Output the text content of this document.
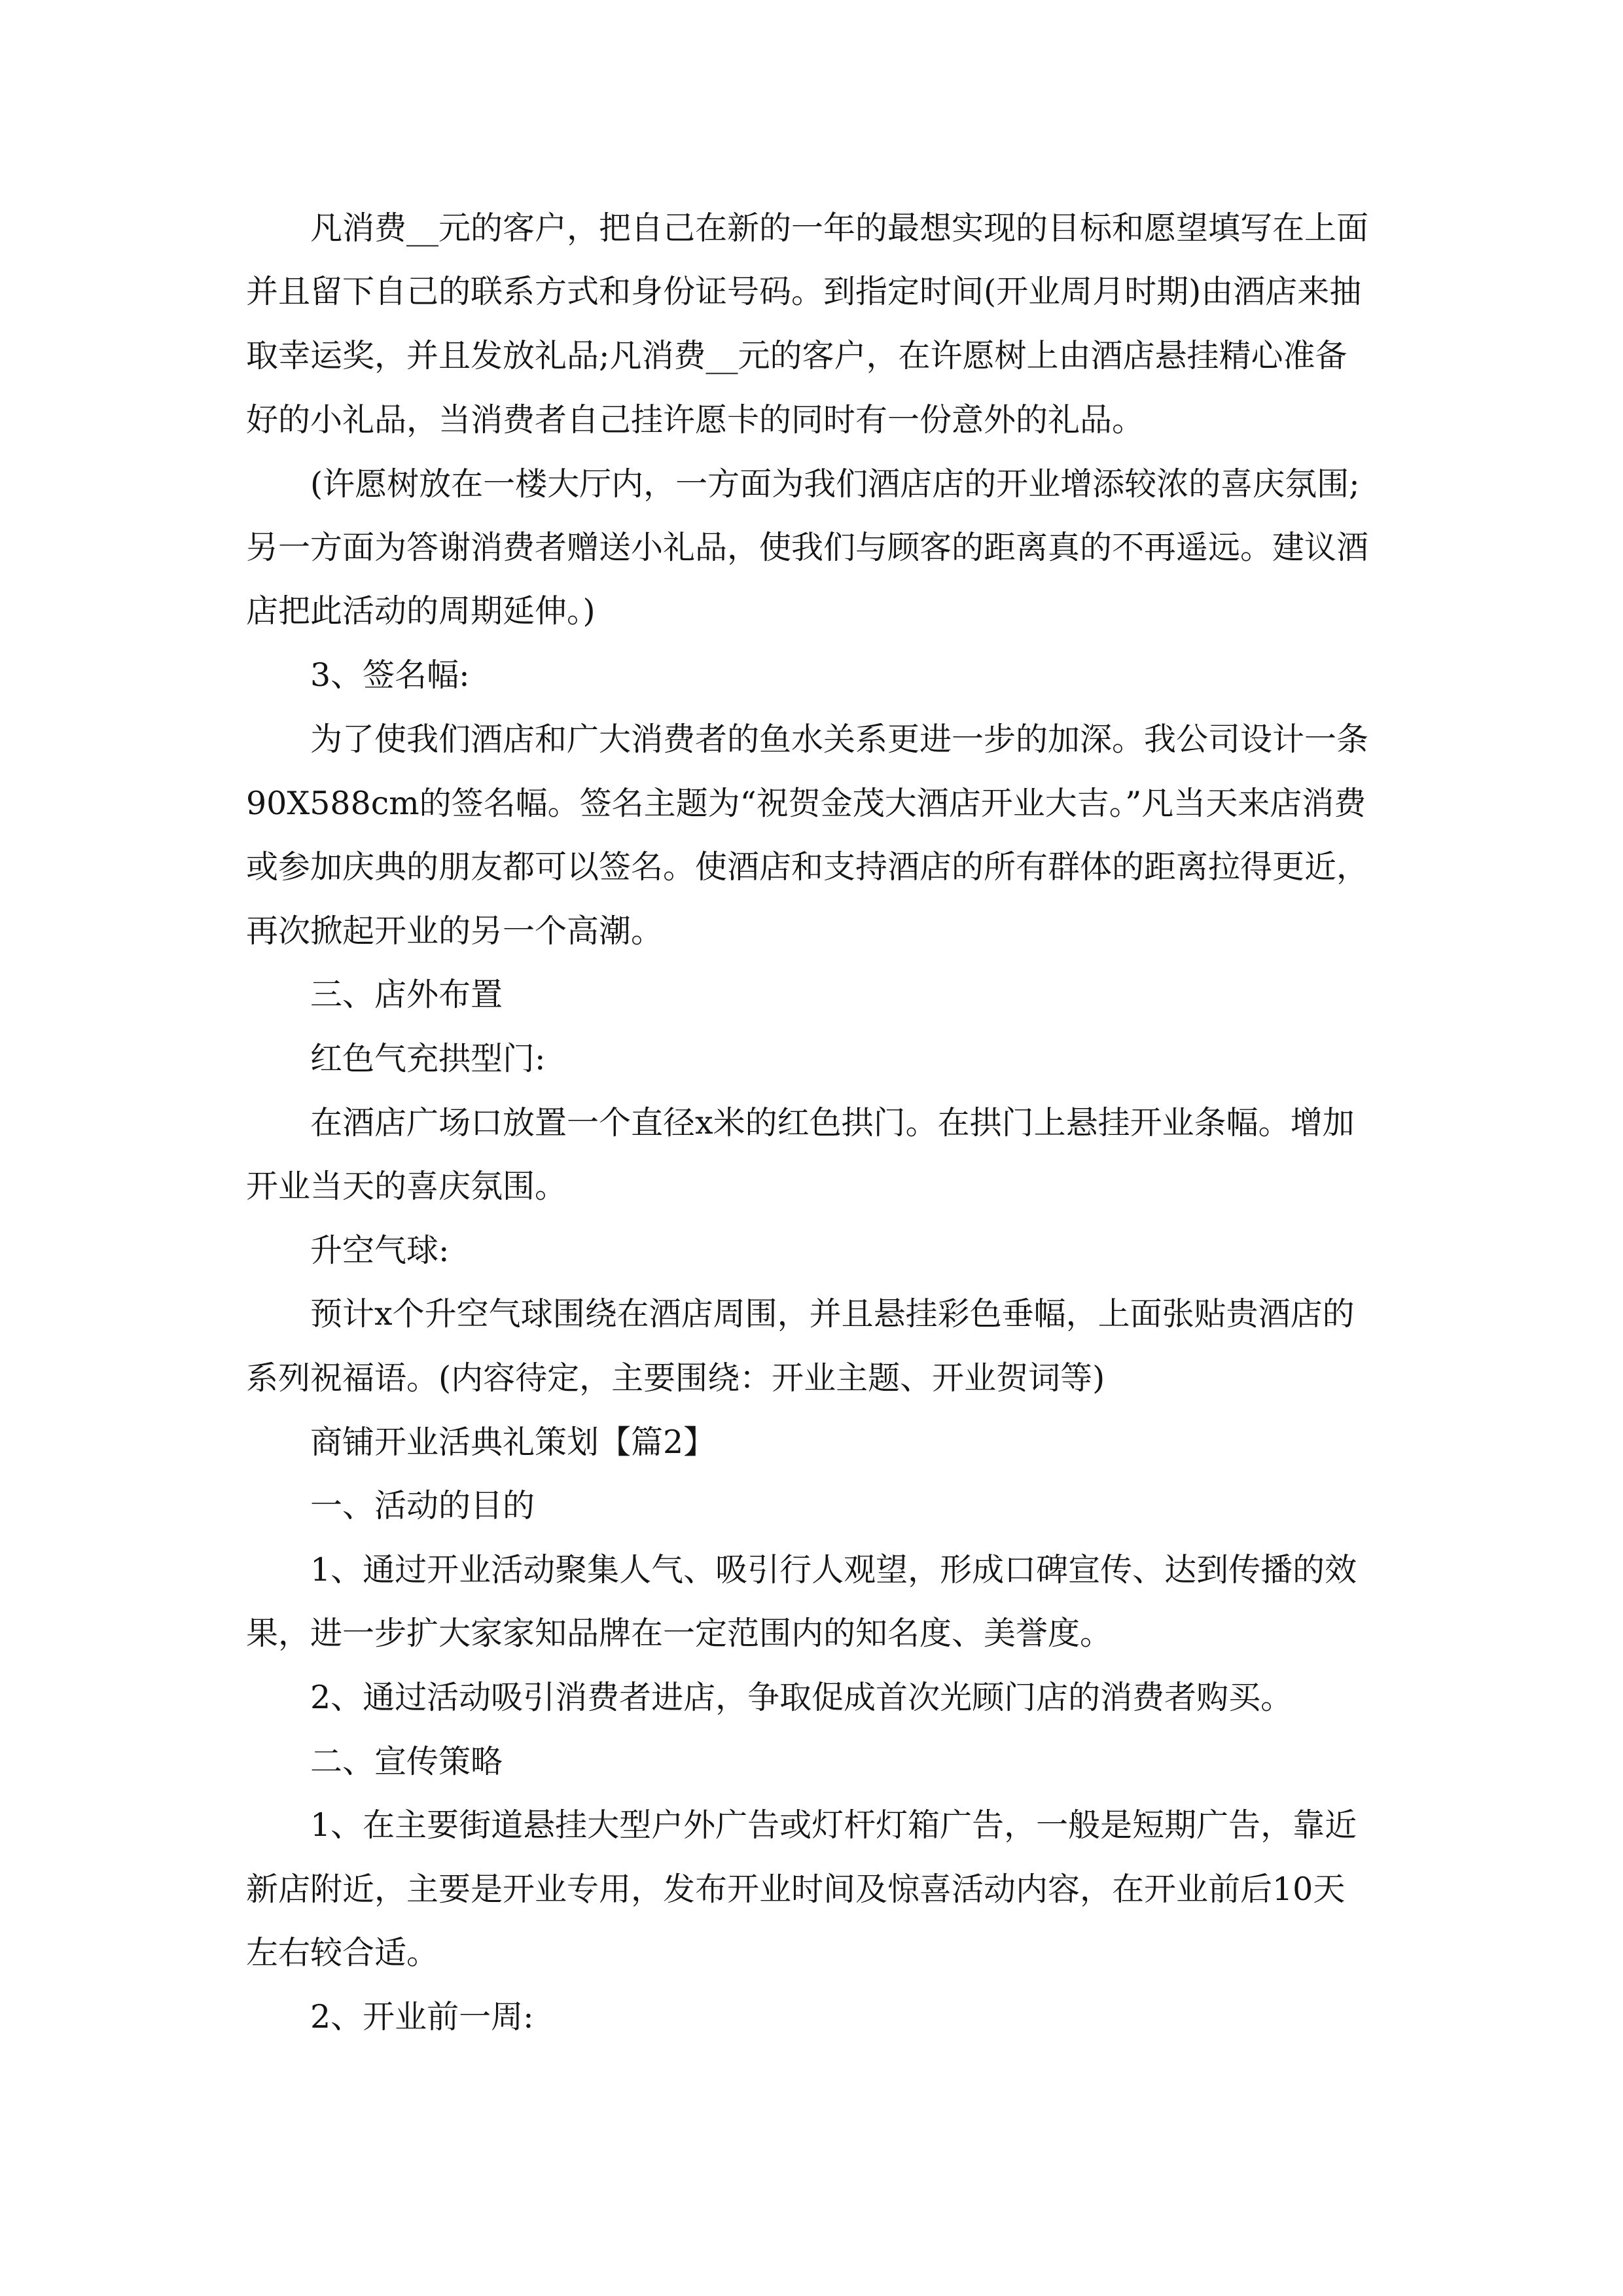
凡消费__元的客户，把自己在新的一年的最想实现的目标和愿望填写在上面
并且留下自己的联系方式和身份证号码。到指定时间(开业周月时期)由酒店来抽
取幸运奖，并且发放礼品;凡消费__元的客户，在许愿树上由酒店悬挂精心准备
好的小礼品，当消费者自己挂许愿卡的同时有一份意外的礼品。
(许愿树放在一楼大厅内，一方面为我们酒店店的开业增添较浓的喜庆氛围;
另一方面为答谢消费者赠送小礼品，使我们与顾客的距离真的不再遥远。建议酒
店把此活动的周期延伸。)
3、签名幅:
为了使我们酒店和广大消费者的鱼水关系更进一步的加深。我公司设计一条
90X588cm的签名幅。签名主题为“祝贺金茂大酒店开业大吉。”凡当天来店消费
或参加庆典的朋友都可以签名。使酒店和支持酒店的所有群体的距离拉得更近，
再次掀起开业的另一个高潮。
三、店外布置
红色气充拱型门:
在酒店广场口放置一个直径x米的红色拱门。在拱门上悬挂开业条幅。增加
开业当天的喜庆氛围。
升空气球:
预计x个升空气球围绕在酒店周围，并且悬挂彩色垂幅，上面张贴贵酒店的
系列祝福语。(内容待定，主要围绕：开业主题、开业贺词等)
商铺开业活典礼策划【篇2】
一、活动的目的
1、通过开业活动聚集人气、吸引行人观望，形成口碑宣传、达到传播的效
果，进一步扩大家家知品牌在一定范围内的知名度、美誉度。
2、通过活动吸引消费者进店，争取促成首次光顾门店的消费者购买。
二、宣传策略
1、在主要街道悬挂大型户外广告或灯杆灯箱广告，一般是短期广告，靠近
新店附近，主要是开业专用，发布开业时间及惊喜活动内容，在开业前后10天
左右较合适。
2、开业前一周:
